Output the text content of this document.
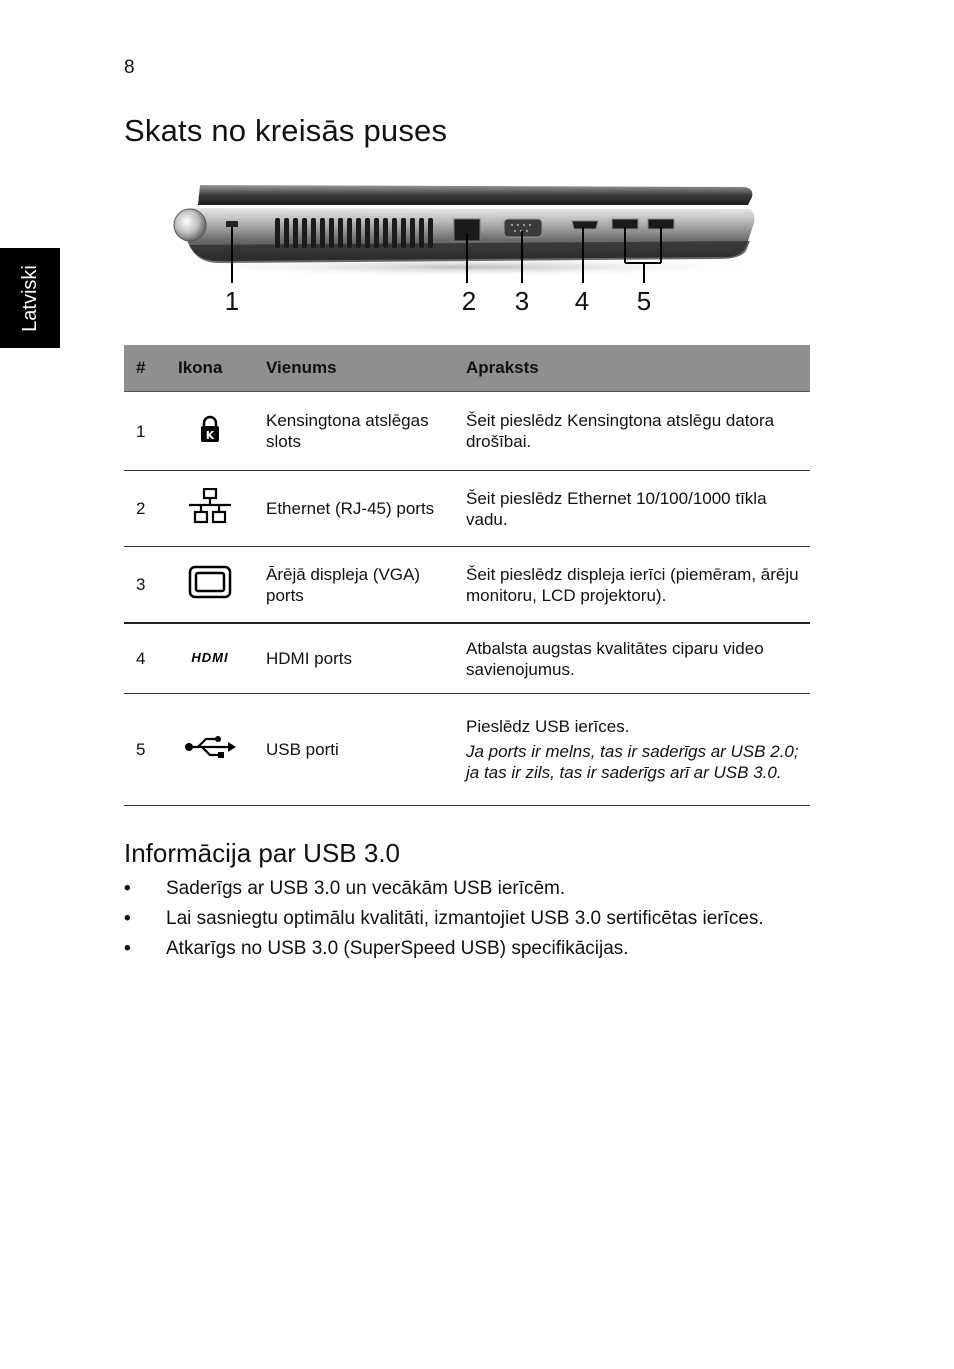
8
Latviski
Skats no kreisās puses
1	2 3 4 5
#	Ikona	Vienums	Apraksts
1	K	Kensingtona atslēgas slots	Šeit pieslēdz Kensingtona atslēgu datora drošībai.
2		Ethernet (RJ-45) ports	Šeit pieslēdz Ethernet 10/100/1000 tīkla vadu.
3		Ārējā displeja (VGA) ports	Šeit pieslēdz displeja ierīci (piemēram, ārēju monitoru, LCD projektoru).
4	HDMI	HDMI ports	Atbalsta augstas kvalitātes ciparu video savienojumus.
5		USB porti	Pieslēdz USB ierīces.
Ja ports ir melns, tas ir saderīgs ar USB 2.0; ja tas ir zils, tas ir saderīgs arī ar USB 3.0.
Informācija par USB 3.0
• Saderīgs ar USB 3.0 un vecākām USB ierīcēm.
• Lai sasniegtu optimālu kvalitāti, izmantojiet USB 3.0 sertificētas ierīces.
• Atkarīgs no USB 3.0 (SuperSpeed USB) specifikācijas.
